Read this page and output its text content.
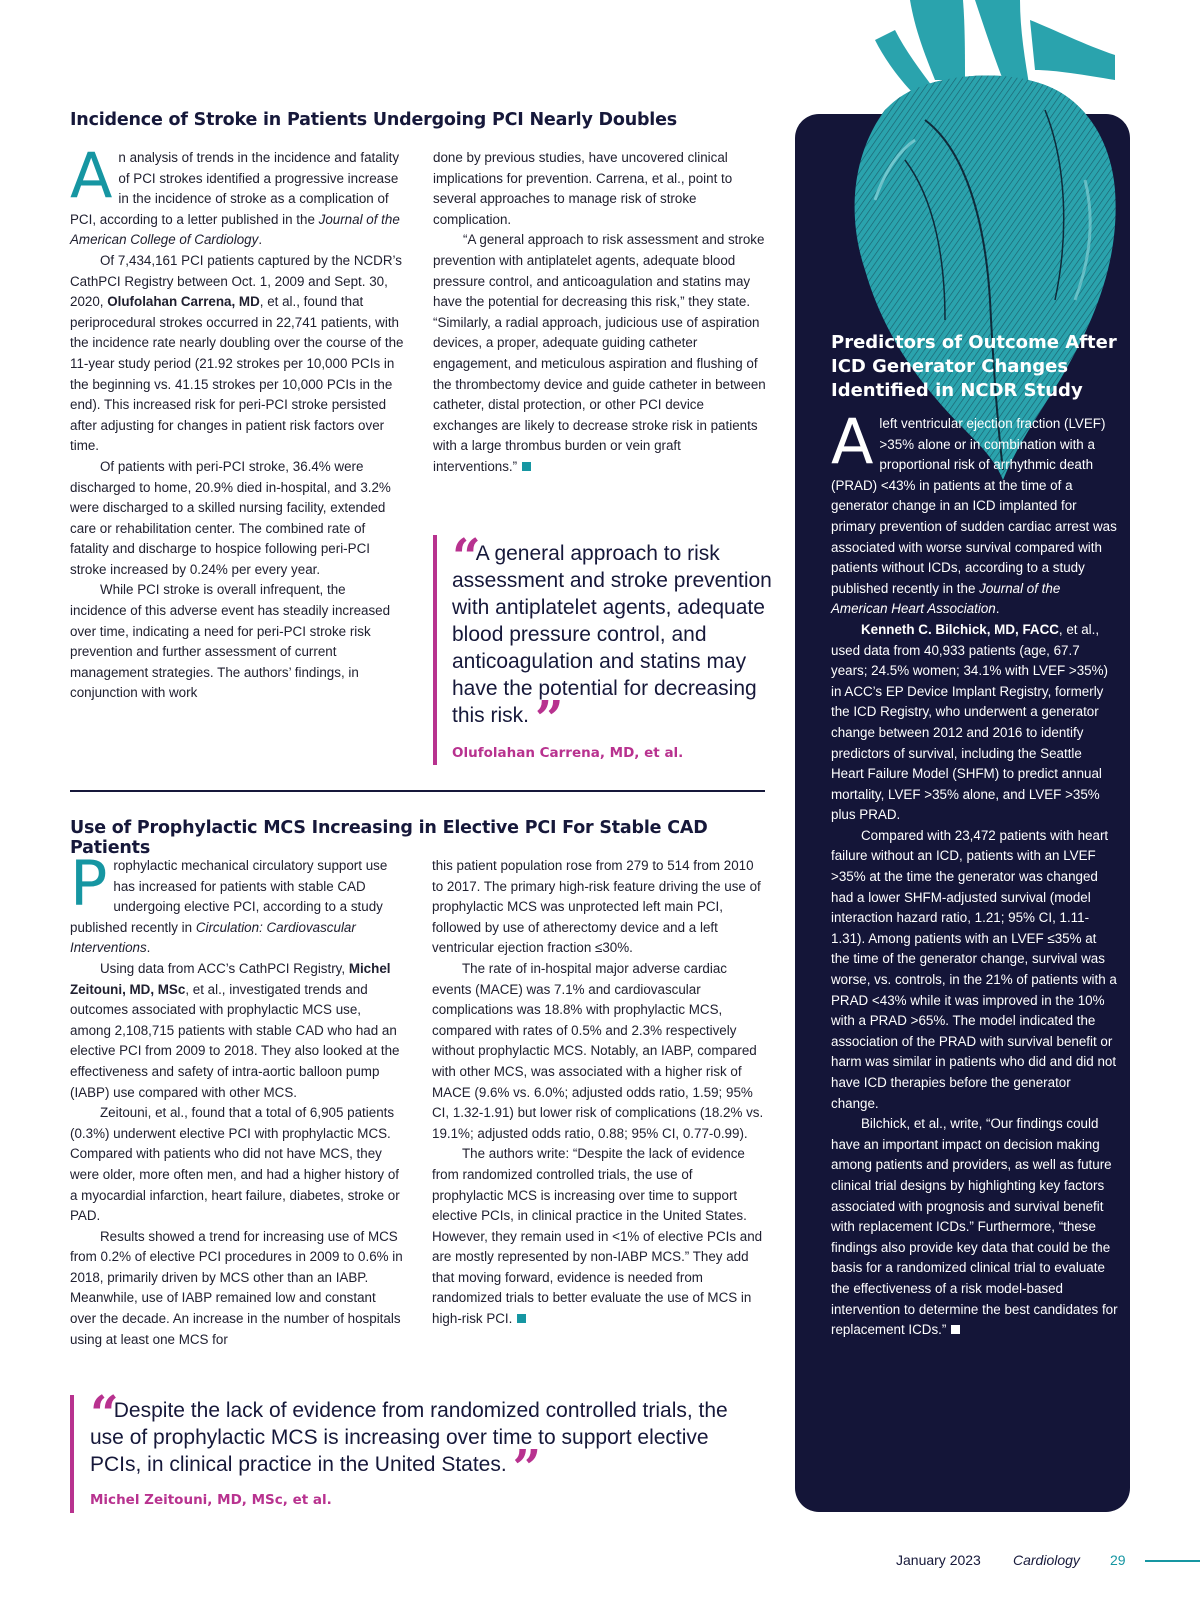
Incidence of Stroke in Patients Undergoing PCI Nearly Doubles

An analysis of trends in the incidence and fatality of PCI strokes identified a progressive increase in the incidence of stroke as a complication of PCI, according to a letter published in the Journal of the American College of Cardiology.

Of 7,434,161 PCI patients captured by the NCDR’s CathPCI Registry between Oct. 1, 2009 and Sept. 30, 2020, Olufolahan Carrena, MD, et al., found that periprocedural strokes occurred in 22,741 patients, with the incidence rate nearly doubling over the course of the 11-year study period (21.92 strokes per 10,000 PCIs in the beginning vs. 41.15 strokes per 10,000 PCIs in the end). This increased risk for peri-PCI stroke persisted after adjusting for changes in patient risk factors over time.

Of patients with peri-PCI stroke, 36.4% were discharged to home, 20.9% died in-hospital, and 3.2% were discharged to a skilled nursing facility, extended care or rehabilitation center. The combined rate of fatality and discharge to hospice following peri-PCI stroke increased by 0.24% per every year.

While PCI stroke is overall infrequent, the incidence of this adverse event has steadily increased over time, indicating a need for peri-PCI stroke risk prevention and further assessment of current management strategies. The authors’ findings, in conjunction with work

done by previous studies, have uncovered clinical implications for prevention. Carrena, et al., point to several approaches to manage risk of stroke complication.

“A general approach to risk assessment and stroke prevention with antiplatelet agents, adequate blood pressure control, and anticoagulation and statins may have the potential for decreasing this risk,” they state. “Similarly, a radial approach, judicious use of aspiration devices, a proper, adequate guiding catheter engagement, and meticulous aspiration and flushing of the thrombectomy device and guide catheter in between catheter, distal protection, or other PCI device exchanges are likely to decrease stroke risk in patients with a large thrombus burden or vein graft interventions.”

“A general approach to risk assessment and stroke prevention with antiplatelet agents, adequate blood pressure control, and anticoagulation and statins may have the potential for decreasing this risk. ”
Olufolahan Carrena, MD, et al.
Use of Prophylactic MCS Increasing in Elective PCI For Stable CAD Patients

Prophylactic mechanical circulatory support use has increased for patients with stable CAD undergoing elective PCI, according to a study published recently in Circulation: Cardiovascular Interventions.

Using data from ACC’s CathPCI Registry, Michel Zeitouni, MD, MSc, et al., investigated trends and outcomes associated with prophylactic MCS use, among 2,108,715 patients with stable CAD who had an elective PCI from 2009 to 2018. They also looked at the effectiveness and safety of intra-aortic balloon pump (IABP) use compared with other MCS.

Zeitouni, et al., found that a total of 6,905 patients (0.3%) underwent elective PCI with prophylactic MCS. Compared with patients who did not have MCS, they were older, more often men, and had a higher history of a myocardial infarction, heart failure, diabetes, stroke or PAD.

Results showed a trend for increasing use of MCS from 0.2% of elective PCI procedures in 2009 to 0.6% in 2018, primarily driven by MCS other than an IABP. Meanwhile, use of IABP remained low and constant over the decade. An increase in the number of hospitals using at least one MCS for

this patient population rose from 279 to 514 from 2010 to 2017. The primary high-risk feature driving the use of prophylactic MCS was unprotected left main PCI, followed by use of atherectomy device and a left ventricular ejection fraction ≤30%.

The rate of in-hospital major adverse cardiac events (MACE) was 7.1% and cardiovascular complications was 18.8% with prophylactic MCS, compared with rates of 0.5% and 2.3% respectively without prophylactic MCS. Notably, an IABP, compared with other MCS, was associated with a higher risk of MACE (9.6% vs. 6.0%; adjusted odds ratio, 1.59; 95% CI, 1.32-1.91) but lower risk of complications (18.2% vs. 19.1%; adjusted odds ratio, 0.88; 95% CI, 0.77-0.99).

The authors write: “Despite the lack of evidence from randomized controlled trials, the use of prophylactic MCS is increasing over time to support elective PCIs, in clinical practice in the United States. However, they remain used in <1% of elective PCIs and are mostly represented by non-IABP MCS.” They add that moving forward, evidence is needed from randomized trials to better evaluate the use of MCS in high-risk PCI.

“Despite the lack of evidence from randomized controlled trials, the use of prophylactic MCS is increasing over time to support elective PCIs, in clinical practice in the United States. ”
Michel Zeitouni, MD, MSc, et al.
Predictors of Outcome After ICD Generator Changes Identified in NCDR Study

A left ventricular ejection fraction (LVEF) >35% alone or in combination with a proportional risk of arrhythmic death (PRAD) <43% in patients at the time of a generator change in an ICD implanted for primary prevention of sudden cardiac arrest was associated with worse survival compared with patients without ICDs, according to a study published recently in the Journal of the American Heart Association.

Kenneth C. Bilchick, MD, FACC, et al., used data from 40,933 patients (age, 67.7 years; 24.5% women; 34.1% with LVEF >35%) in ACC’s EP Device Implant Registry, formerly the ICD Registry, who underwent a generator change between 2012 and 2016 to identify predictors of survival, including the Seattle Heart Failure Model (SHFM) to predict annual mortality, LVEF >35% alone, and LVEF >35% plus PRAD.

Compared with 23,472 patients with heart failure without an ICD, patients with an LVEF >35% at the time the generator was changed had a lower SHFM-adjusted survival (model interaction hazard ratio, 1.21; 95% CI, 1.11-1.31). Among patients with an LVEF ≤35% at the time of the generator change, survival was worse, vs. controls, in the 21% of patients with a PRAD <43% while it was improved in the 10% with a PRAD >65%. The model indicated the association of the PRAD with survival benefit or harm was similar in patients who did and did not have ICD therapies before the generator change.

Bilchick, et al., write, “Our findings could have an important impact on decision making among patients and providers, as well as future clinical trial designs by highlighting key factors associated with prognosis and survival benefit with replacement ICDs.” Furthermore, “these findings also provide key data that could be the basis for a randomized clinical trial to evaluate the effectiveness of a risk model-based intervention to determine the best candidates for replacement ICDs.”

January 2023 Cardiology 29
